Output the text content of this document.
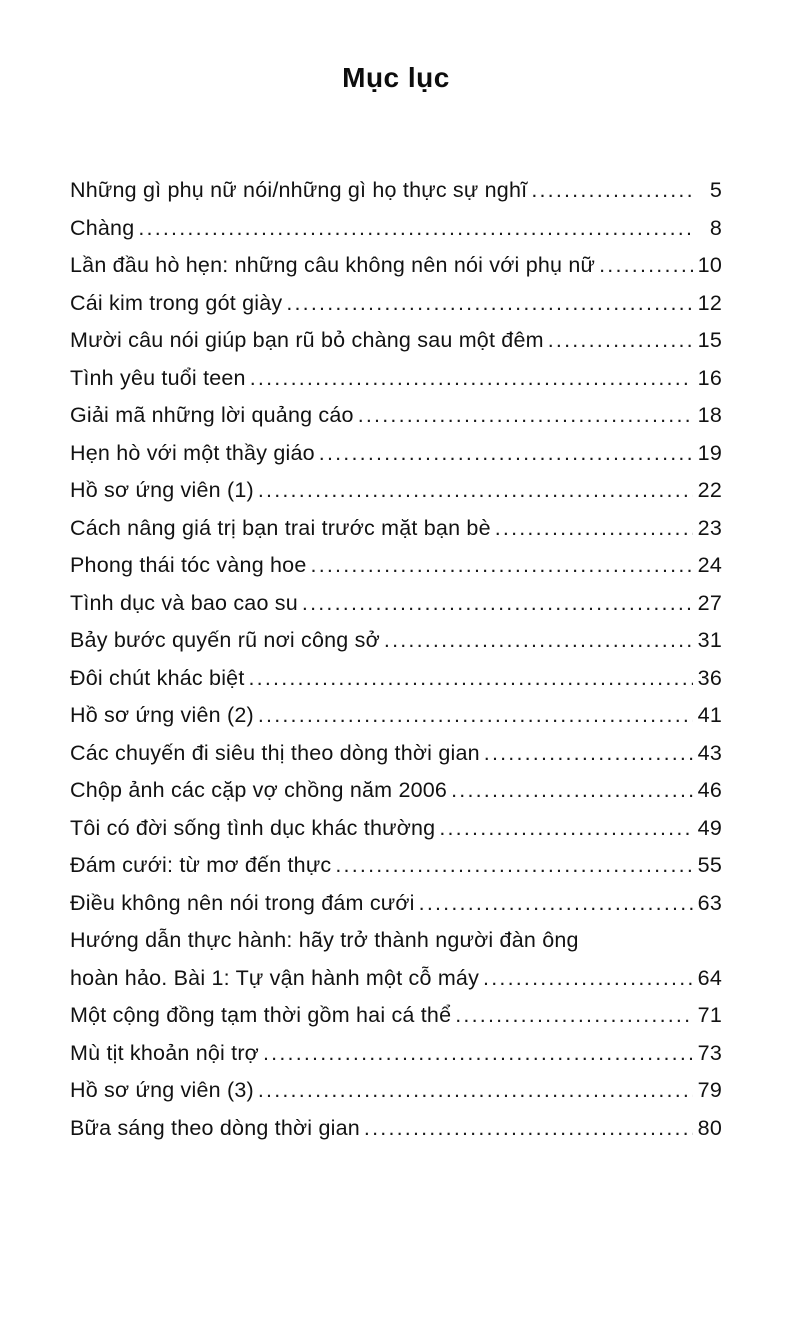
Mục lục
Những gì phụ nữ nói/những gì họ thực sự nghĩ .....	5
Chàng .....	8
Lần đầu hò hẹn: những câu không nên nói với phụ nữ .....	10
Cái kim trong gót giày .....	12
Mười câu nói giúp bạn rũ bỏ chàng sau một đêm .....	15
Tình yêu tuổi teen .....	16
Giải mã những lời quảng cáo .....	18
Hẹn hò với một thầy giáo .....	19
Hồ sơ ứng viên (1) .....	22
Cách nâng giá trị bạn trai trước mặt bạn bè .....	23
Phong thái tóc vàng hoe .....	24
Tình dục và bao cao su .....	27
Bảy bước quyến rũ nơi công sở .....	31
Đôi chút khác biệt .....	36
Hồ sơ ứng viên (2) .....	41
Các chuyến đi siêu thị theo dòng thời gian .....	43
Chộp ảnh các cặp vợ chồng năm 2006 .....	46
Tôi có đời sống tình dục khác thường .....	49
Đám cưới: từ mơ đến thực .....	55
Điều không nên nói trong đám cưới .....	63
Hướng dẫn thực hành: hãy trở thành người đàn ông
hoàn hảo. Bài 1: Tự vận hành một cỗ máy .....	64
Một cộng đồng tạm thời gồm hai cá thể .....	71
Mù tịt khoản nội trợ .....	73
Hồ sơ ứng viên (3) .....	79
Bữa sáng theo dòng thời gian .....	80
